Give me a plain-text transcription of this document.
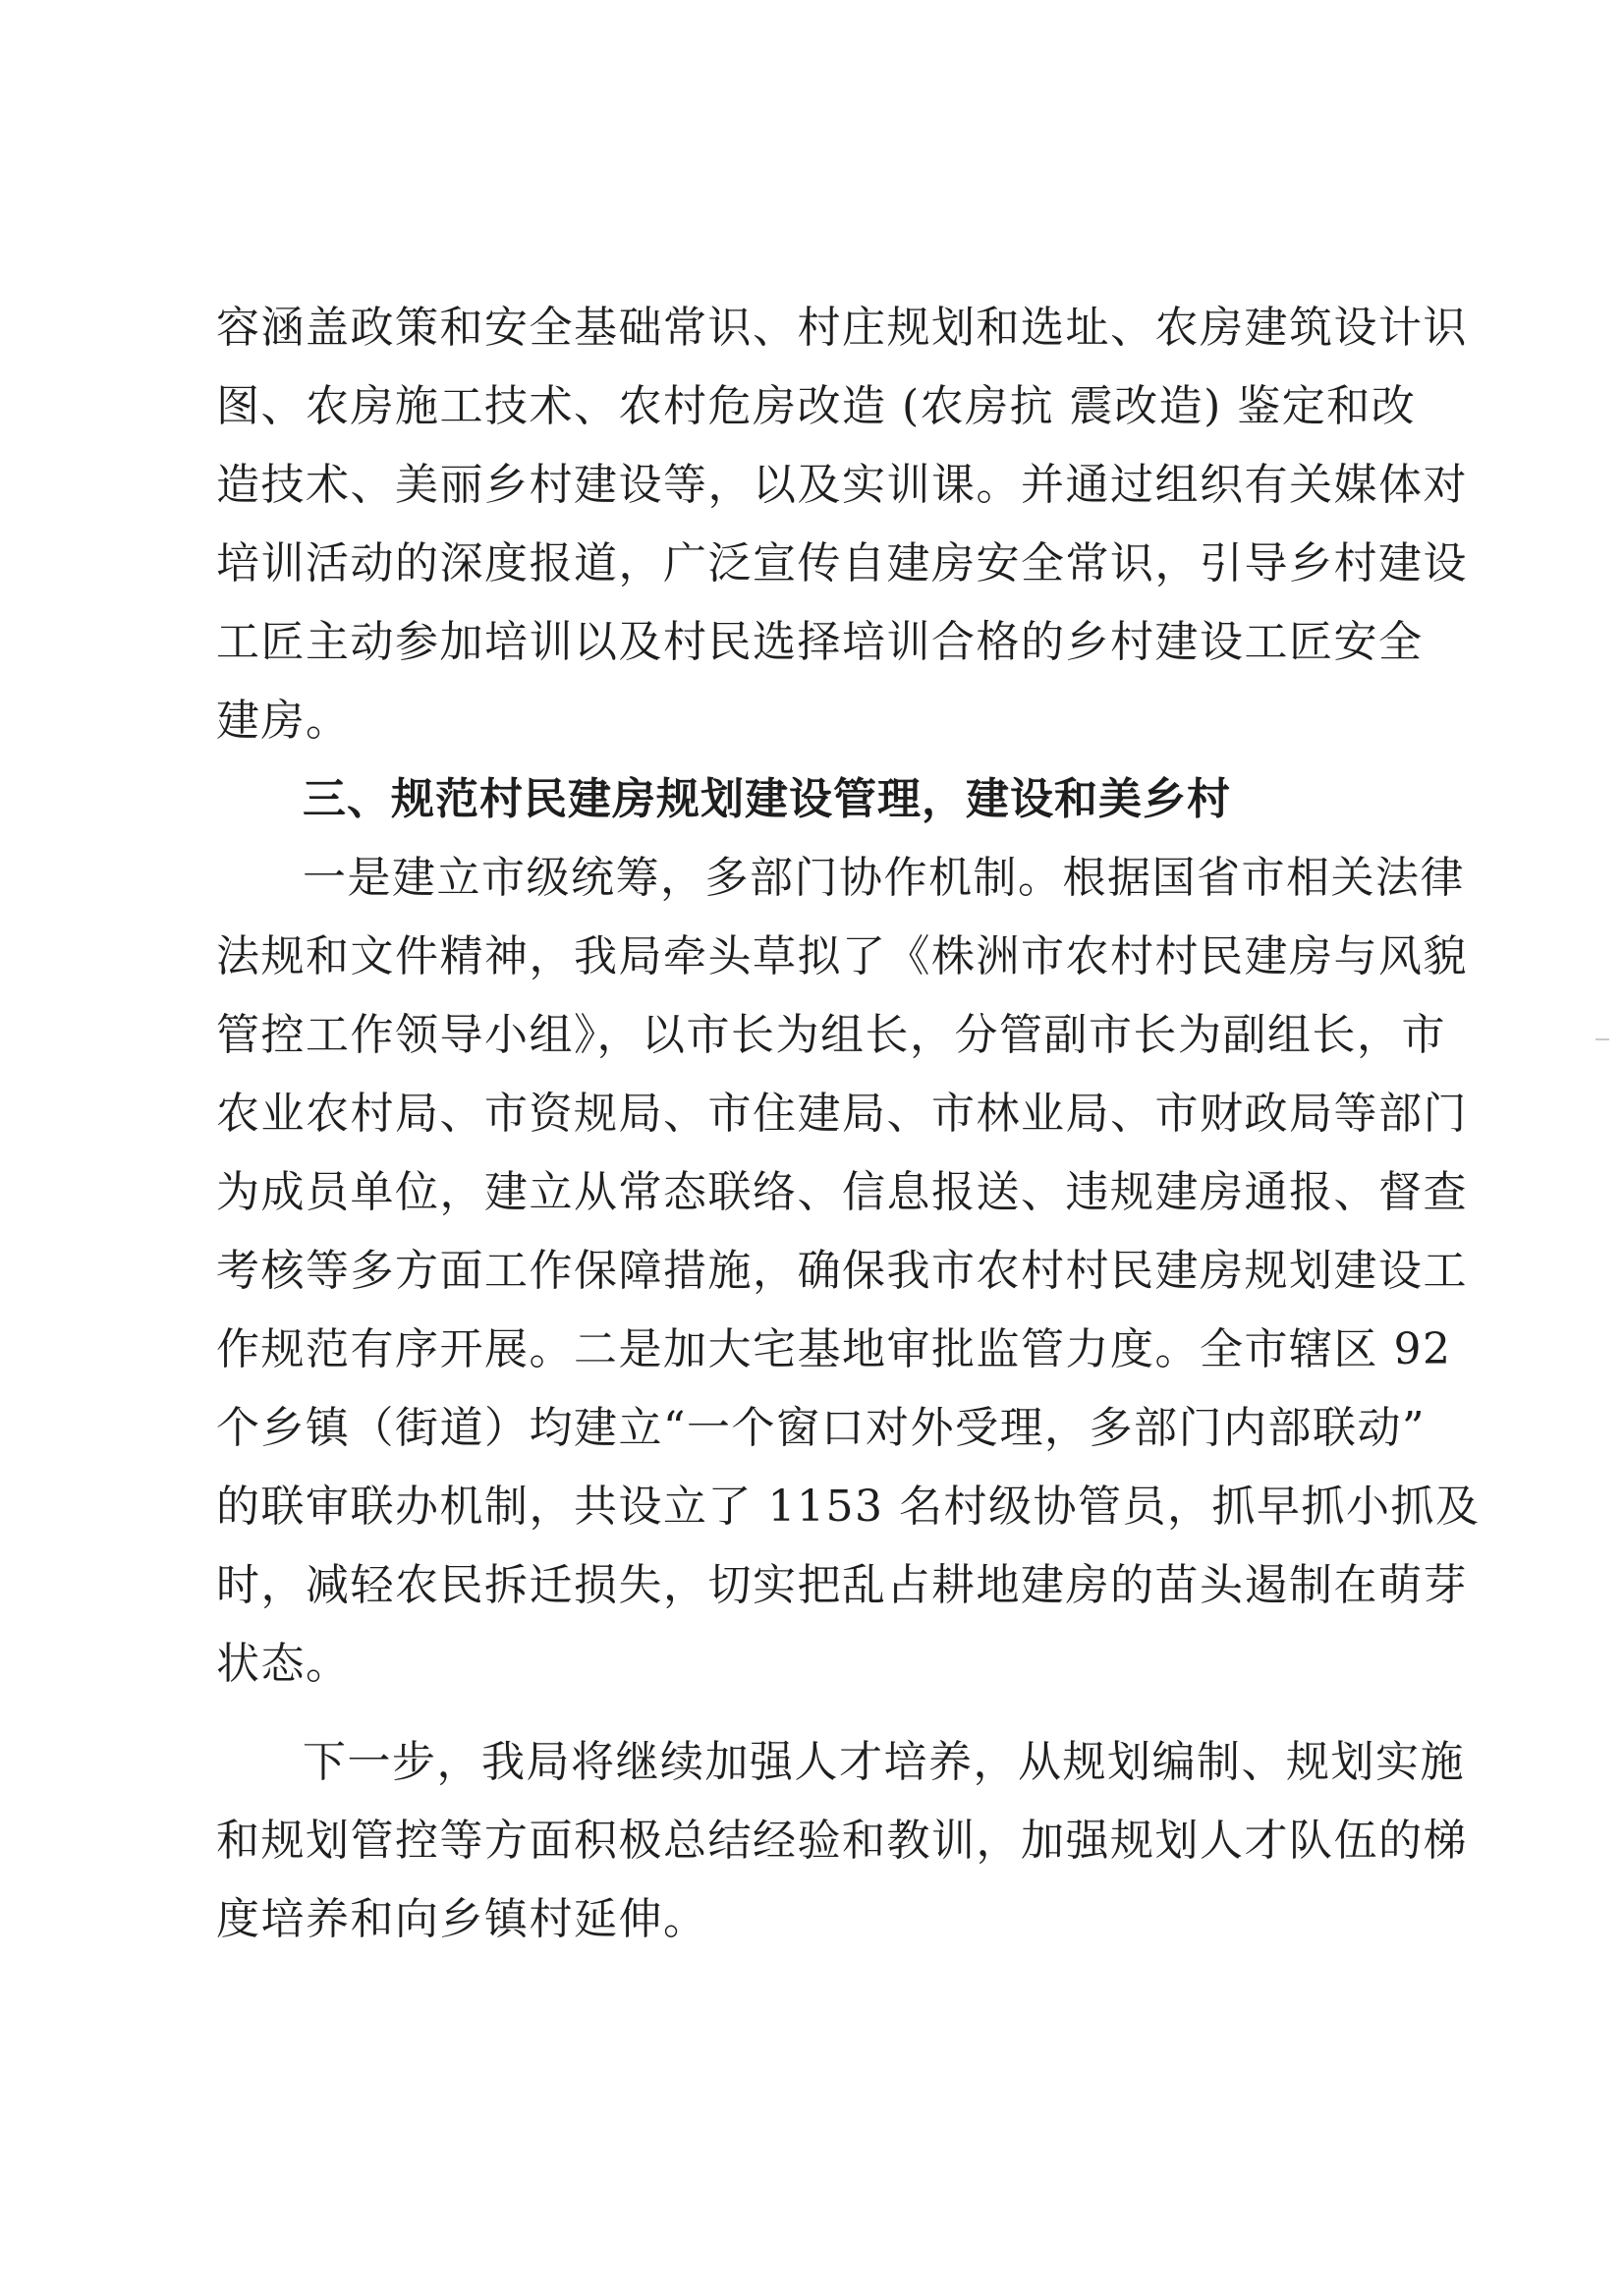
容涵盖政策和安全基础常识、村庄规划和选址、农房建筑设计识
图、农房施工技术、农村危房改造 (农房抗 震改造) 鉴定和改
造技术、美丽乡村建设等，以及实训课。并通过组织有关媒体对
培训活动的深度报道，广泛宣传自建房安全常识，引导乡村建设
工匠主动参加培训以及村民选择培训合格的乡村建设工匠安全
建房。
三、规范村民建房规划建设管理，建设和美乡村
一是建立市级统筹，多部门协作机制。根据国省市相关法律
法规和文件精神，我局牵头草拟了《株洲市农村村民建房与风貌
管控工作领导小组》，以市长为组长，分管副市长为副组长，市
农业农村局、市资规局、市住建局、市林业局、市财政局等部门
为成员单位，建立从常态联络、信息报送、违规建房通报、督查
考核等多方面工作保障措施，确保我市农村村民建房规划建设工
作规范有序开展。二是加大宅基地审批监管力度。全市辖区 92
个乡镇（街道）均建立“一个窗口对外受理，多部门内部联动”
的联审联办机制，共设立了 1153 名村级协管员，抓早抓小抓及
时，减轻农民拆迁损失，切实把乱占耕地建房的苗头遏制在萌芽
状态。
下一步，我局将继续加强人才培养，从规划编制、规划实施
和规划管控等方面积极总结经验和教训，加强规划人才队伍的梯
度培养和向乡镇村延伸。
